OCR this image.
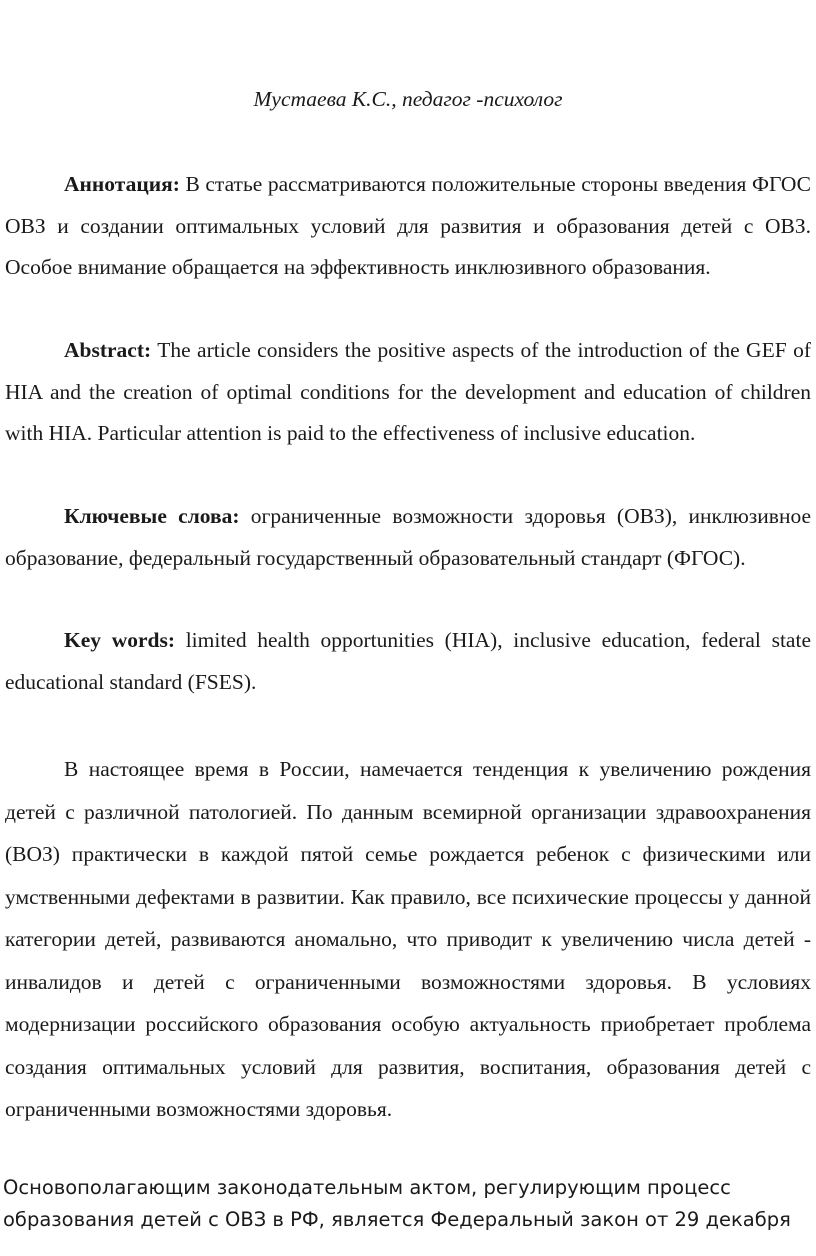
Мустаева К.С., педагог -психолог

Аннотация: В статье рассматриваются положительные стороны введения ФГОС ОВЗ и создании оптимальных условий для развития и образования детей с ОВЗ. Особое внимание обращается на эффективность инклюзивного образования.

Abstract: The article considers the positive aspects of the introduction of the GEF of HIA and the creation of optimal conditions for the development and education of children with HIA. Particular attention is paid to the effectiveness of inclusive education.

Ключевые слова: ограниченные возможности здоровья (ОВЗ), инклюзивное образование, федеральный государственный образовательный стандарт (ФГОС).

Key words: limited health opportunities (HIA), inclusive education, federal state educational standard (FSES).

В настоящее время в России, намечается тенденция к увеличению рождения детей с различной патологией. По данным всемирной организации здравоохранения (ВОЗ) практически в каждой пятой семье рождается ребенок с физическими или умственными дефектами в развитии. Как правило, все психические процессы у данной категории детей, развиваются аномально, что приводит к увеличению числа детей - инвалидов и детей с ограниченными возможностями здоровья. В условиях модернизации российского образования особую актуальность приобретает проблема создания оптимальных условий для развития, воспитания, образования детей с ограниченными возможностями здоровья.

Основополагающим законодательным актом, регулирующим процесс
образования детей с ОВЗ в РФ, является Федеральный закон от 29 декабря
